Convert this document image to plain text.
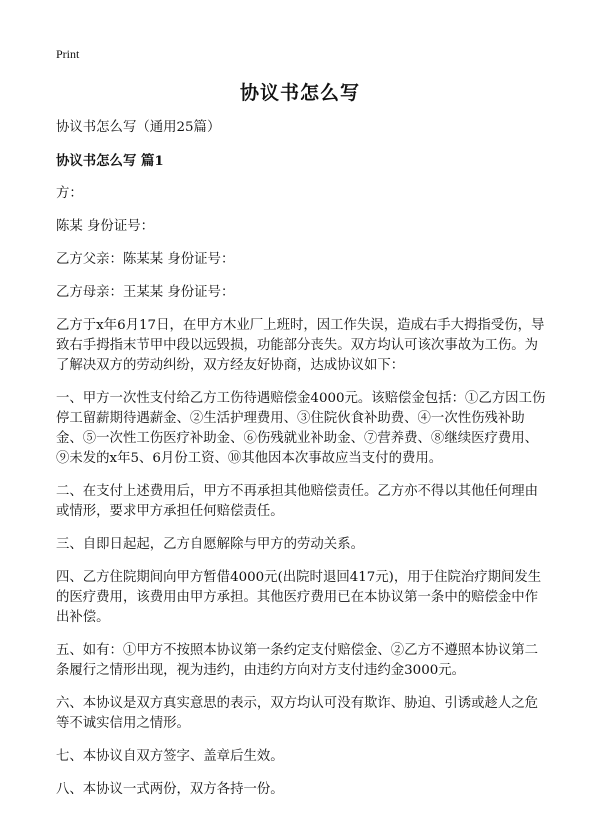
Print
协议书怎么写

协议书怎么写（通用25篇）

协议书怎么写 篇1

方：

陈某 身份证号：

乙方父亲：陈某某 身份证号：

乙方母亲：王某某 身份证号：

乙方于x年6月17日，在甲方木业厂上班时，因工作失误，造成右手大拇指受伤，导致右手拇指末节甲中段以远毁损，功能部分丧失。双方均认可该次事故为工伤。为了解决双方的劳动纠纷，双方经友好协商，达成协议如下：

一、甲方一次性支付给乙方工伤待遇赔偿金4000元。该赔偿金包括：①乙方因工伤停工留薪期待遇薪金、②生活护理费用、③住院伙食补助费、④一次性伤残补助金、⑤一次性工伤医疗补助金、⑥伤残就业补助金、⑦营养费、⑧继续医疗费用、⑨未发的x年5、6月份工资、⑩其他因本次事故应当支付的费用。

二、在支付上述费用后，甲方不再承担其他赔偿责任。乙方亦不得以其他任何理由或情形，要求甲方承担任何赔偿责任。

三、自即日起起，乙方自愿解除与甲方的劳动关系。

四、乙方住院期间向甲方暂借4000元(出院时退回417元)，用于住院治疗期间发生的医疗费用，该费用由甲方承担。其他医疗费用已在本协议第一条中的赔偿金中作出补偿。

五、如有：①甲方不按照本协议第一条约定支付赔偿金、②乙方不遵照本协议第二条履行之情形出现，视为违约，由违约方向对方支付违约金3000元。

六、本协议是双方真实意思的表示，双方均认可没有欺诈、胁迫、引诱或趁人之危等不诚实信用之情形。

七、本协议自双方签字、盖章后生效。

八、本协议一式两份，双方各持一份。
